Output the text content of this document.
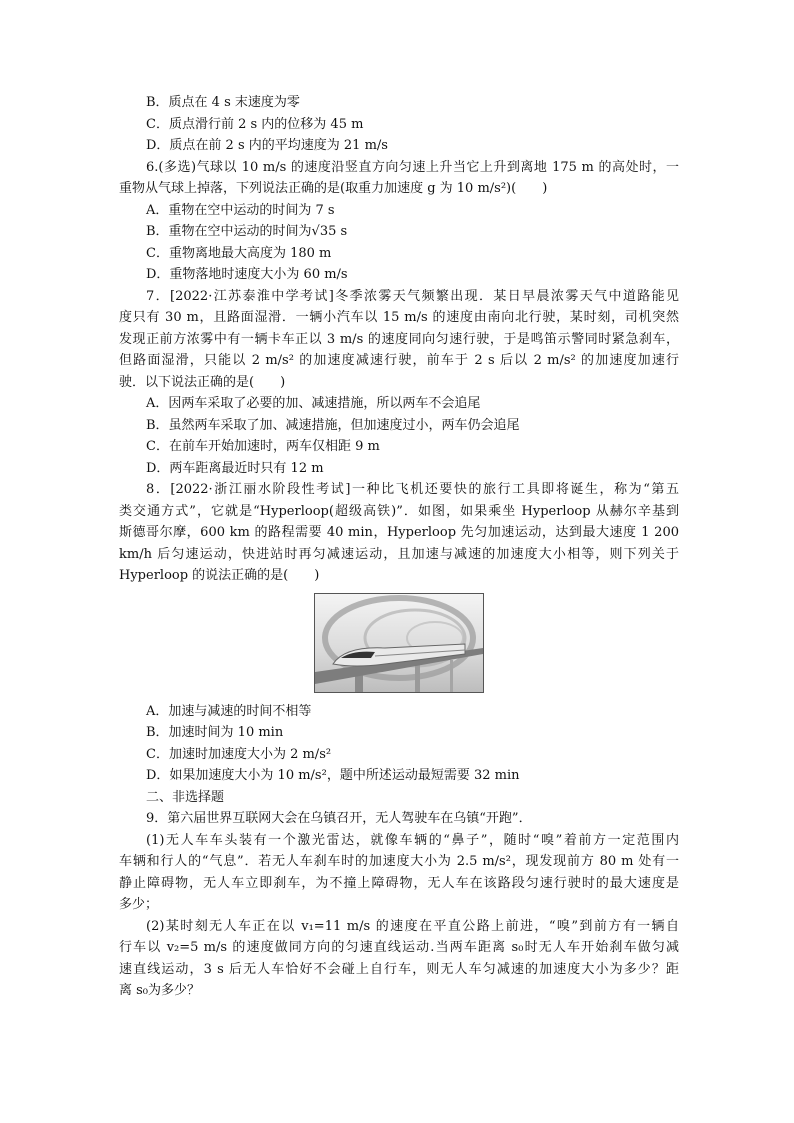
B．质点在 4 s 末速度为零
C．质点滑行前 2 s 内的位移为 45 m
D．质点在前 2 s 内的平均速度为 21 m/s
6.(多选)气球以 10 m/s 的速度沿竖直方向匀速上升当它上升到离地 175 m 的高处时，一
重物从气球上掉落，下列说法正确的是(取重力加速度 g 为 10 m/s²)(　　)
A．重物在空中运动的时间为 7 s
B．重物在空中运动的时间为√35 s
C．重物离地最大高度为 180 m
D．重物落地时速度大小为 60 m/s
7．[2022·江苏泰淮中学考试]冬季浓雾天气频繁出现．某日早晨浓雾天气中道路能见
度只有 30 m，且路面湿滑．一辆小汽车以 15 m/s 的速度由南向北行驶，某时刻，司机突然
发现正前方浓雾中有一辆卡车正以 3 m/s 的速度同向匀速行驶，于是鸣笛示警同时紧急刹车，
但路面湿滑，只能以 2 m/s² 的加速度减速行驶，前车于 2 s 后以 2 m/s² 的加速度加速行
驶．以下说法正确的是(　　)
A．因两车采取了必要的加、减速措施，所以两车不会追尾
B．虽然两车采取了加、减速措施，但加速度过小，两车仍会追尾
C．在前车开始加速时，两车仅相距 9 m
D．两车距离最近时只有 12 m
8．[2022·浙江丽水阶段性考试]一种比飞机还要快的旅行工具即将诞生，称为“第五
类交通方式”，它就是“Hyperloop(超级高铁)”．如图，如果乘坐 Hyperloop 从赫尔辛基到
斯德哥尔摩，600 km 的路程需要 40 min，Hyperloop 先匀加速运动，达到最大速度 1 200
km/h 后匀速运动，快进站时再匀减速运动，且加速与减速的加速度大小相等，则下列关于
Hyperloop 的说法正确的是(　　)
A．加速与减速的时间不相等
B．加速时间为 10 min
C．加速时加速度大小为 2 m/s²
D．如果加速度大小为 10 m/s²，题中所述运动最短需要 32 min
二、非选择题
9．第六届世界互联网大会在乌镇召开，无人驾驶车在乌镇“开跑”．
(1)无人车车头装有一个激光雷达，就像车辆的“鼻子”，随时“嗅”着前方一定范围内
车辆和行人的“气息”．若无人车刹车时的加速度大小为 2.5 m/s²，现发现前方 80 m 处有一
静止障碍物，无人车立即刹车，为不撞上障碍物，无人车在该路段匀速行驶时的最大速度是
多少；
(2)某时刻无人车正在以 v₁=11 m/s 的速度在平直公路上前进，“嗅”到前方有一辆自
行车以 v₂=5 m/s 的速度做同方向的匀速直线运动.当两车距离 s₀时无人车开始刹车做匀减
速直线运动，3 s 后无人车恰好不会碰上自行车，则无人车匀减速的加速度大小为多少？距
离 s₀为多少？
